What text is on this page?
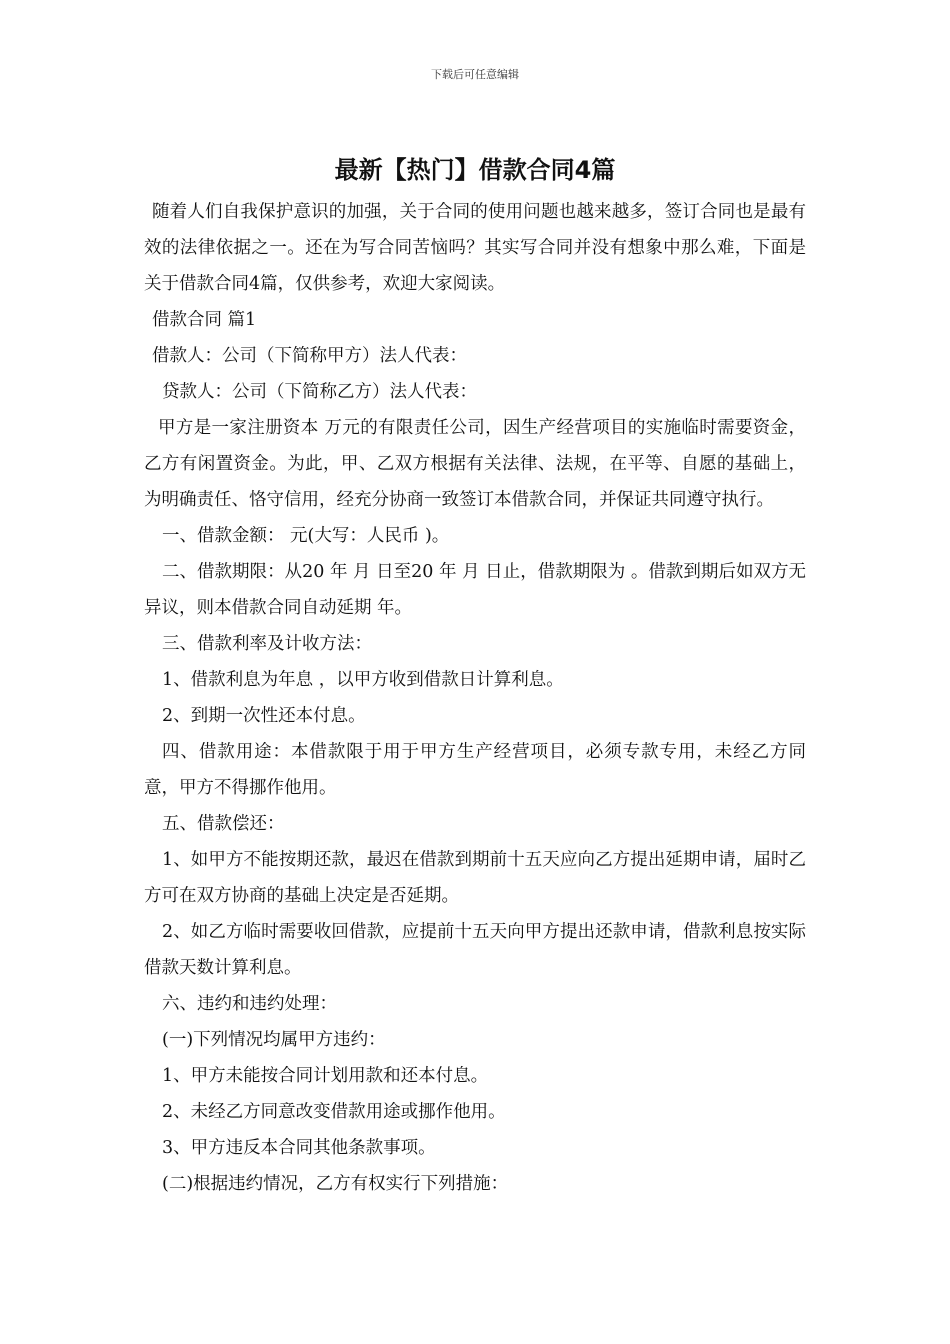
下载后可任意编辑
最新【热门】借款合同4篇

随着人们自我保护意识的加强，关于合同的使用问题也越来越多，签订合同也是最有效的法律依据之一。还在为写合同苦恼吗？其实写合同并没有想象中那么难，下面是关于借款合同4篇，仅供参考，欢迎大家阅读。

借款合同 篇1

借款人：公司（下简称甲方）法人代表：

贷款人：公司（下简称乙方）法人代表：

甲方是一家注册资本 万元的有限责任公司，因生产经营项目的实施临时需要资金，乙方有闲置资金。为此，甲、乙双方根据有关法律、法规，在平等、自愿的基础上，为明确责任、恪守信用，经充分协商一致签订本借款合同，并保证共同遵守执行。

一、借款金额： 元(大写：人民币 )。

二、借款期限：从20 年 月 日至20 年 月 日止，借款期限为 。借款到期后如双方无异议，则本借款合同自动延期 年。

三、借款利率及计收方法：

1、借款利息为年息 ，以甲方收到借款日计算利息。

2、到期一次性还本付息。

四、借款用途：本借款限于用于甲方生产经营项目，必须专款专用，未经乙方同意，甲方不得挪作他用。

五、借款偿还：

1、如甲方不能按期还款，最迟在借款到期前十五天应向乙方提出延期申请，届时乙方可在双方协商的基础上决定是否延期。

2、如乙方临时需要收回借款，应提前十五天向甲方提出还款申请，借款利息按实际借款天数计算利息。

六、违约和违约处理：

(一)下列情况均属甲方违约：

1、甲方未能按合同计划用款和还本付息。

2、未经乙方同意改变借款用途或挪作他用。

3、甲方违反本合同其他条款事项。

(二)根据违约情况，乙方有权实行下列措施：
